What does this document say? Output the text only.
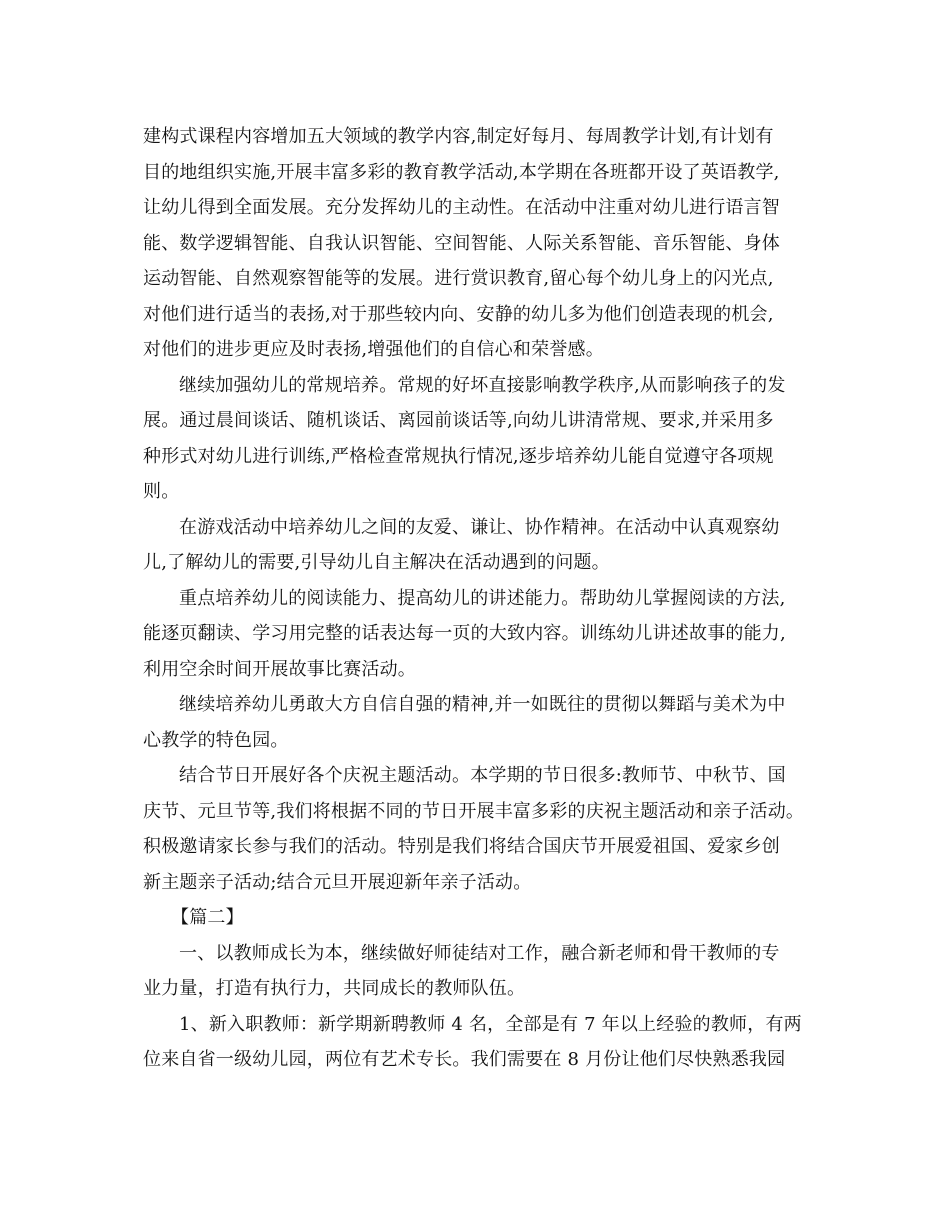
建构式课程内容增加五大领域的教学内容,制定好每月、每周教学计划,有计划有
目的地组织实施,开展丰富多彩的教育教学活动,本学期在各班都开设了英语教学,
让幼儿得到全面发展。充分发挥幼儿的主动性。在活动中注重对幼儿进行语言智
能、数学逻辑智能、自我认识智能、空间智能、人际关系智能、音乐智能、身体
运动智能、自然观察智能等的发展。进行赏识教育,留心每个幼儿身上的闪光点,
对他们进行适当的表扬,对于那些较内向、安静的幼儿多为他们创造表现的机会,
对他们的进步更应及时表扬,增强他们的自信心和荣誉感。
继续加强幼儿的常规培养。常规的好坏直接影响教学秩序,从而影响孩子的发
展。通过晨间谈话、随机谈话、离园前谈话等,向幼儿讲清常规、要求,并采用多
种形式对幼儿进行训练,严格检查常规执行情况,逐步培养幼儿能自觉遵守各项规
则。
在游戏活动中培养幼儿之间的友爱、谦让、协作精神。在活动中认真观察幼
儿,了解幼儿的需要,引导幼儿自主解决在活动遇到的问题。
重点培养幼儿的阅读能力、提高幼儿的讲述能力。帮助幼儿掌握阅读的方法,
能逐页翻读、学习用完整的话表达每一页的大致内容。训练幼儿讲述故事的能力,
利用空余时间开展故事比赛活动。
继续培养幼儿勇敢大方自信自强的精神,并一如既往的贯彻以舞蹈与美术为中
心教学的特色园。
结合节日开展好各个庆祝主题活动。本学期的节日很多:教师节、中秋节、国
庆节、元旦节等,我们将根据不同的节日开展丰富多彩的庆祝主题活动和亲子活动。
积极邀请家长参与我们的活动。特别是我们将结合国庆节开展爱祖国、爱家乡创
新主题亲子活动;结合元旦开展迎新年亲子活动。
【篇二】
一、以教师成长为本，继续做好师徒结对工作，融合新老师和骨干教师的专
业力量，打造有执行力，共同成长的教师队伍。
1、新入职教师：新学期新聘教师 4 名，全部是有 7 年以上经验的教师，有两
位来自省一级幼儿园，两位有艺术专长。我们需要在 8 月份让他们尽快熟悉我园
